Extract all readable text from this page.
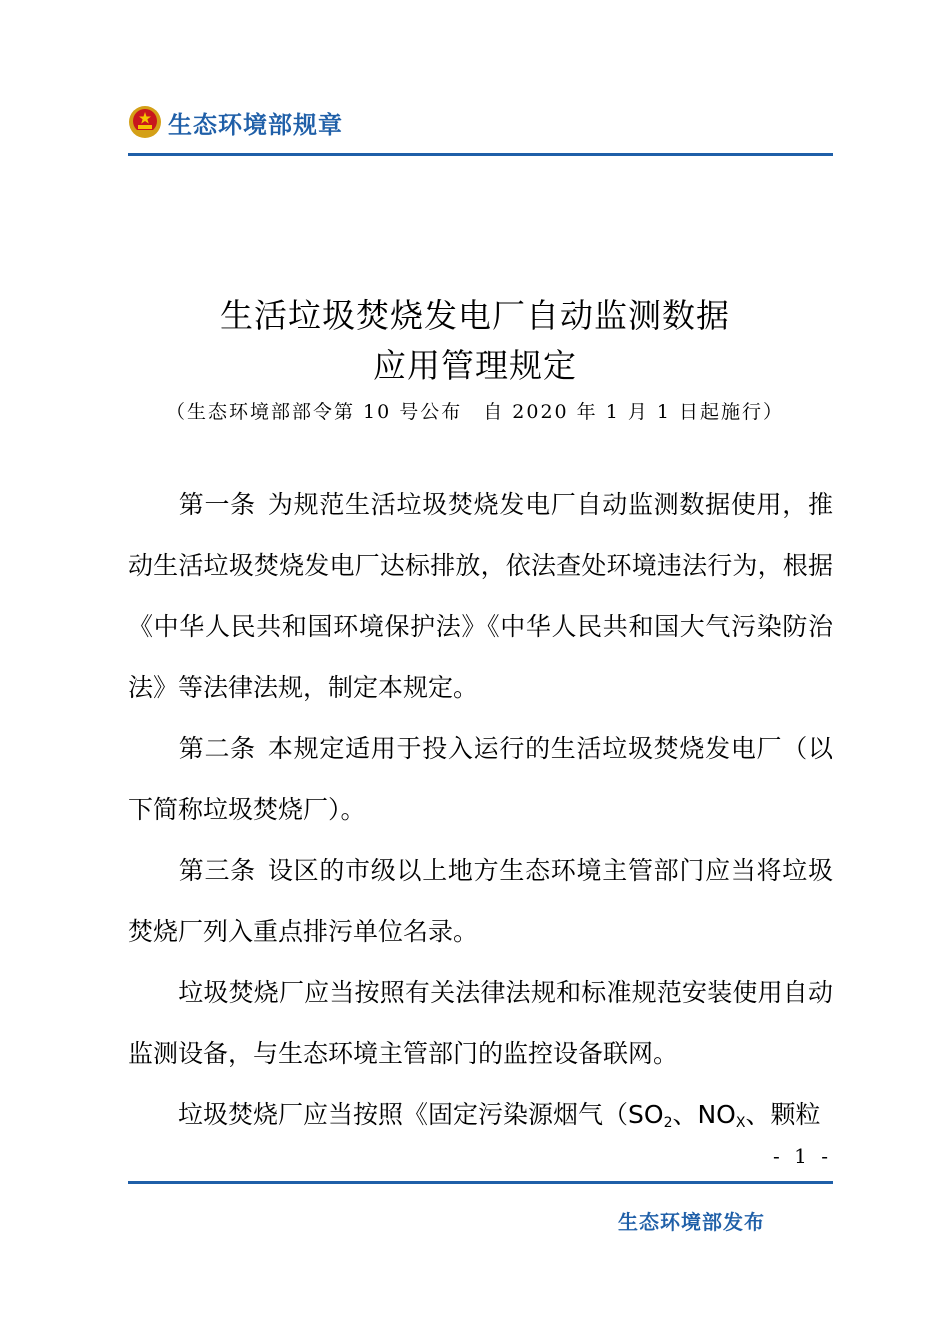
生态环境部规章
生活垃圾焚烧发电厂自动监测数据
应用管理规定
（生态环境部部令第 10 号公布　自 2020 年 1 月 1 日起施行）

第一条 为规范生活垃圾焚烧发电厂自动监测数据使用，推动生活垃圾焚烧发电厂达标排放，依法查处环境违法行为，根据《中华人民共和国环境保护法》《中华人民共和国大气污染防治法》等法律法规，制定本规定。

第二条 本规定适用于投入运行的生活垃圾焚烧发电厂（以下简称垃圾焚烧厂）。

第三条 设区的市级以上地方生态环境主管部门应当将垃圾焚烧厂列入重点排污单位名录。

垃圾焚烧厂应当按照有关法律法规和标准规范安装使用自动监测设备，与生态环境主管部门的监控设备联网。

垃圾焚烧厂应当按照《固定污染源烟气（$SO_2$、$NO_X$、颗粒

- 1 -
生态环境部发布
